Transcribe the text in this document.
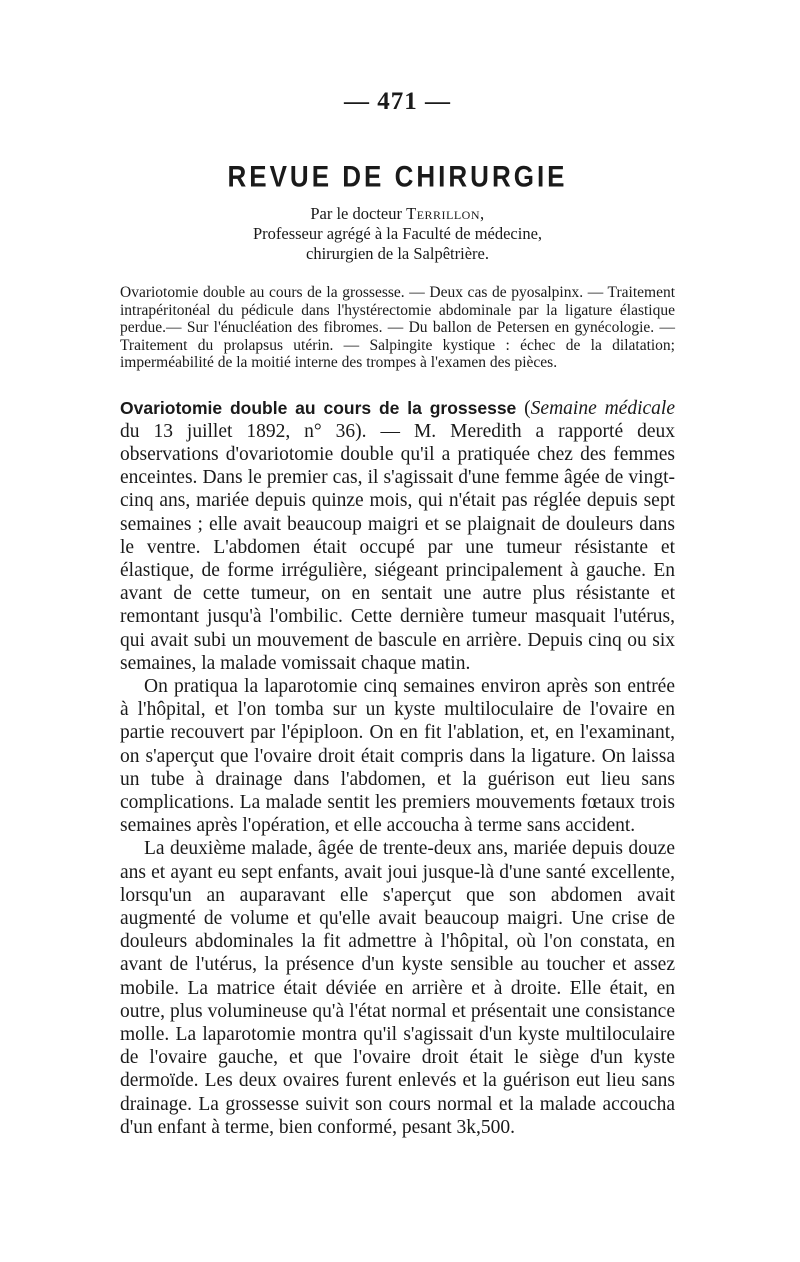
— 471 —
REVUE DE CHIRURGIE

Par le docteur Terrillon,

Professeur agrégé à la Faculté de médecine,

chirurgien de la Salpêtrière.

Ovariotomie double au cours de la grossesse. — Deux cas de pyosalpinx. — Traitement intrapéritonéal du pédicule dans l'hystérectomie abdominale par la ligature élastique perdue.— Sur l'énucléation des fibromes. — Du ballon de Petersen en gynécologie. — Traitement du prolapsus utérin. — Salpingite kystique : échec de la dilatation; imperméabilité de la moitié interne des trompes à l'examen des pièces.

Ovariotomie double au cours de la grossesse (Semaine médicale du 13 juillet 1892, n° 36). — M. Meredith a rapporté deux observations d'ovariotomie double qu'il a pratiquée chez des femmes enceintes. Dans le premier cas, il s'agissait d'une femme âgée de vingt-cinq ans, mariée depuis quinze mois, qui n'était pas réglée depuis sept semaines ; elle avait beaucoup maigri et se plaignait de douleurs dans le ventre. L'abdomen était occupé par une tumeur résistante et élastique, de forme irrégulière, siégeant principalement à gauche. En avant de cette tumeur, on en sentait une autre plus résistante et remontant jusqu'à l'ombilic. Cette dernière tumeur masquait l'utérus, qui avait subi un mouvement de bascule en arrière. Depuis cinq ou six semaines, la malade vomissait chaque matin.

On pratiqua la laparotomie cinq semaines environ après son entrée à l'hôpital, et l'on tomba sur un kyste multiloculaire de l'ovaire en partie recouvert par l'épiploon. On en fit l'ablation, et, en l'examinant, on s'aperçut que l'ovaire droit était compris dans la ligature. On laissa un tube à drainage dans l'abdomen, et la guérison eut lieu sans complications. La malade sentit les premiers mouvements fœtaux trois semaines après l'opération, et elle accoucha à terme sans accident.

La deuxième malade, âgée de trente-deux ans, mariée depuis douze ans et ayant eu sept enfants, avait joui jusque-là d'une santé excellente, lorsqu'un an auparavant elle s'aperçut que son abdomen avait augmenté de volume et qu'elle avait beaucoup maigri. Une crise de douleurs abdominales la fit admettre à l'hôpital, où l'on constata, en avant de l'utérus, la présence d'un kyste sensible au toucher et assez mobile. La matrice était déviée en arrière et à droite. Elle était, en outre, plus volumineuse qu'à l'état normal et présentait une consistance molle. La laparotomie montra qu'il s'agissait d'un kyste multiloculaire de l'ovaire gauche, et que l'ovaire droit était le siège d'un kyste dermoïde. Les deux ovaires furent enlevés et la guérison eut lieu sans drainage. La grossesse suivit son cours normal et la malade accoucha d'un enfant à terme, bien conformé, pesant 3k,500.
